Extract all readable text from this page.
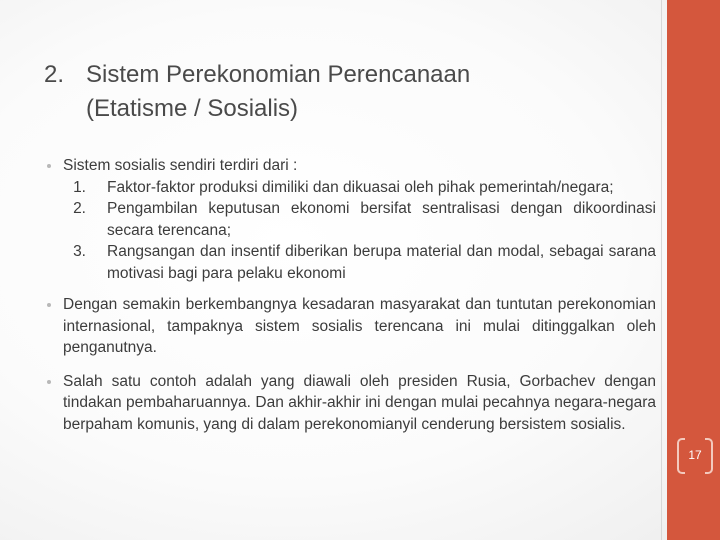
2. Sistem Perekonomian Perencanaan
(Etatisme / Sosialis)
Sistem sosialis sendiri terdiri dari :
1. Faktor-faktor produksi dimiliki dan dikuasai oleh pihak pemerintah/negara;
2. Pengambilan keputusan ekonomi bersifat sentralisasi dengan dikoordinasi secara terencana;
3. Rangsangan dan insentif diberikan berupa material dan modal, sebagai sarana motivasi bagi para pelaku ekonomi
Dengan semakin berkembangnya kesadaran masyarakat dan tuntutan perekonomian internasional, tampaknya sistem sosialis terencana ini mulai ditinggalkan oleh penganutnya.
Salah satu contoh adalah yang diawali oleh presiden Rusia, Gorbachev dengan tindakan pembaharuannya. Dan akhir-akhir ini dengan mulai pecahnya negara-negara berpaham komunis, yang di dalam perekonomianyil cenderung bersistem sosialis.
17
